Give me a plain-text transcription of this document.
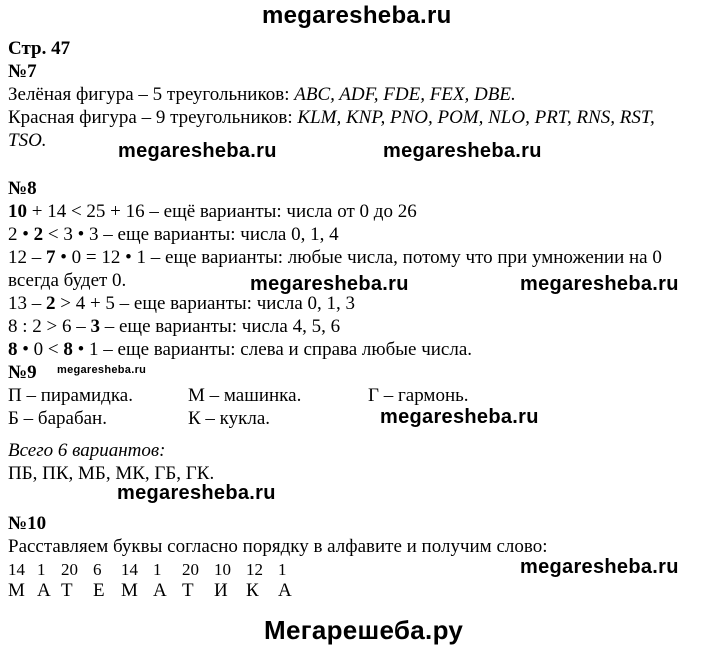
megaresheba.ru
Стр. 47
№7
Зелёная фигура – 5 треугольников: ABC, ADF, FDE, FEX, DBE.
Красная фигура – 9 треугольников: KLM, KNP, PNO, POM, NLO, PRT, RNS, RST,
TSO.	megaresheba.ru	megaresheba.ru
№8
10 + 14 < 25 + 16 – ещё варианты: числа от 0 до 26
2 • 2 < 3 • 3 – еще варианты: числа 0, 1, 4
12 – 7 • 0 = 12 • 1 – еще варианты: любые числа, потому что при умножении на 0
всегда будет 0.	megaresheba.ru	megaresheba.ru
13 – 2 > 4 + 5 – еще варианты: числа 0, 1, 3
8 : 2 > 6 – 3 – еще варианты: числа 4, 5, 6
8 • 0 < 8 • 1 – еще варианты: слева и справа любые числа.
№9 megaresheba.ru
П – пирамидка.	М – машинка.	Г – гармонь.
Б – барабан.	К – кукла.	megaresheba.ru
Всего 6 вариантов:
ПБ, ПК, МБ, МК, ГБ, ГК.
megaresheba.ru
№10
Расставляем буквы согласно порядку в алфавите и получим слово:
14 1 20 6 14 1 20 10 12 1
М А Т Е М А Т И К А
megaresheba.ru
Мегарешеба.ру
